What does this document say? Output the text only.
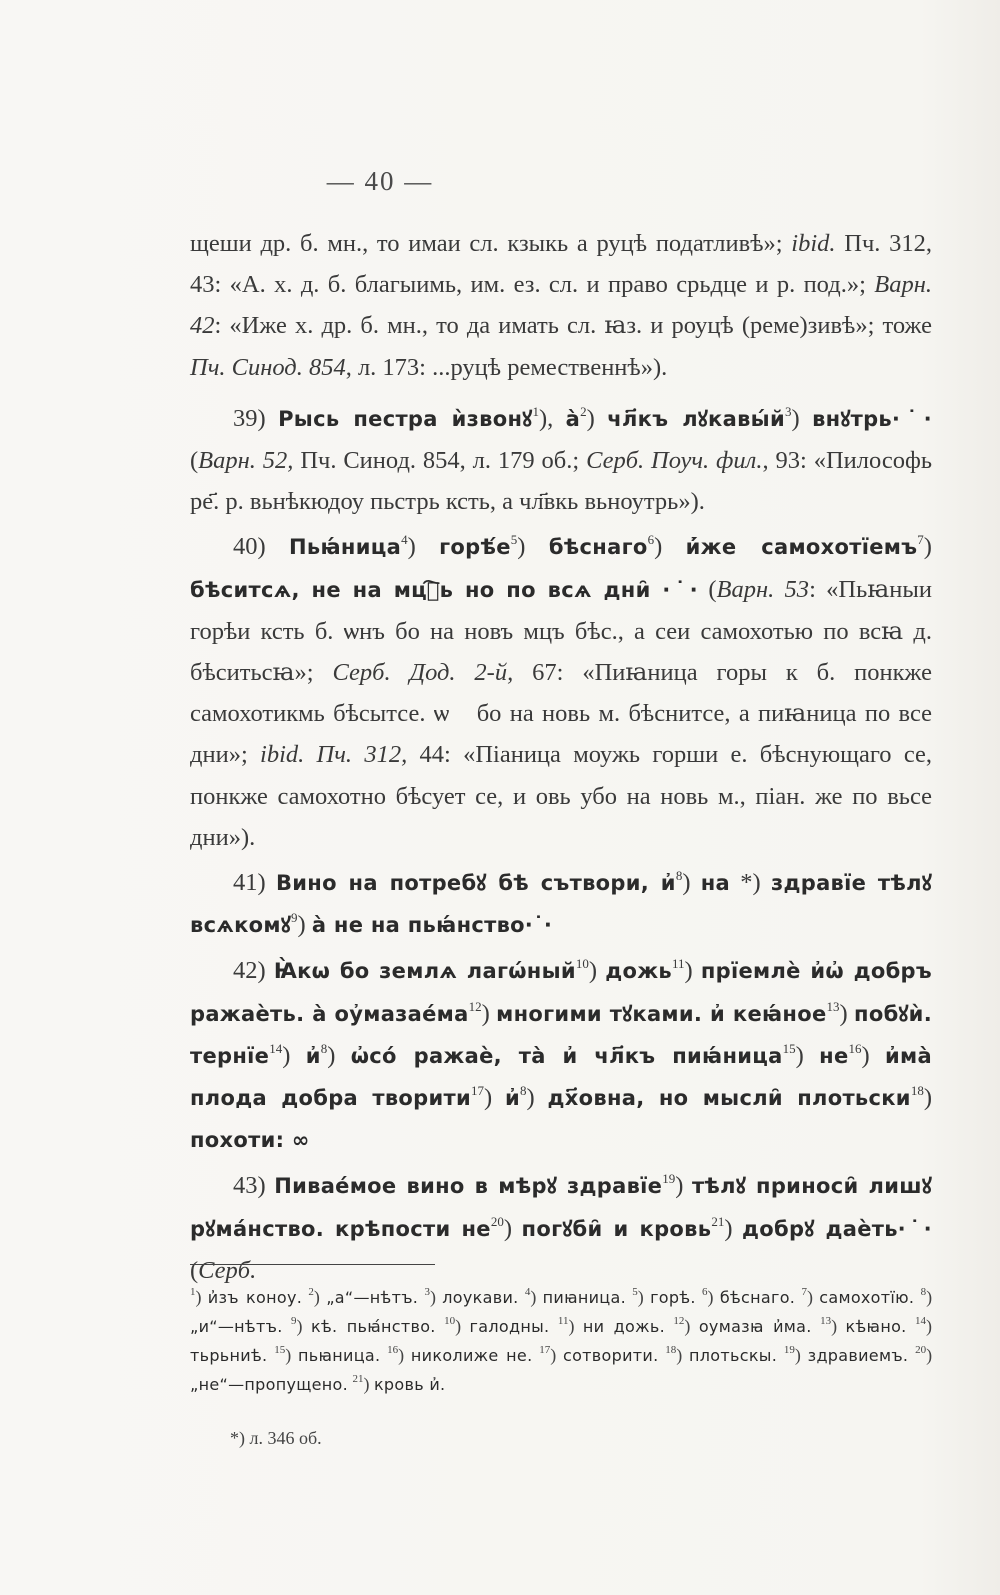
— 40 —

щеши др. б. мн., то имаи сл. кзыкь а руцѣ податливѣ»; ibid. Пч. 312, 43: «А. х. д. б. благыимь, им. ез. сл. и право срьдце и р. под.»; Варн. 42: «Иже х. др. б. мн., то да имать сл. ꙗз. и роуцѣ (реме)зивѣ»; тоже Пч. Синод. 854, л. 173: ...руцѣ ремественнѣ»).

39) Рысь пестра ѝзвонꙋ$^1$), а̀$^2$) чл҃къ $лꙋкавы́й^3$) внꙋтрь∙˙∙ (Варн. 52, Пч. Синод. 854, л. 179 об.; Серб. Поуч. фил., 93: «Пилософь ре҃. р. вьнѣкюдоу пьстрь ксть, а чл҃вкь вьноутрь»).

40) Пьꙗ́ница$^4$) $горѣ́е^5$) бѣснаго$^6$) и҆́же самохотїемъ$^7$) бѣситсѧ, не на мцⷭ҇ь но по всѧ дни̑ ∙˙∙ (Варн. 53: «Пьꙗныи горѣи ксть б. ѡнъ бо на новъ мцъ бѣс., а сеи самохотью по всꙗ д. бѣситьсꙗ»; Серб. Дод. 2-й, 67: «Пиꙗница горы к б. понкже самохотикмь бѣсытсе. ѡⷡ бо на новь м. бѣснитсе, а пиꙗница по все дни»; ibid. Пч. 312, 44: «Піаница моужь горши е. бѣснующаго се, понкже самохотно бѣсует се, и овь убо на новь м., піан. же по вьсе дни»).

41) Вино на потребꙋ бѣ сътвори, и҆$^8$) на *) здравїе тѣлꙋ всѧкомꙋ$^9$) а̀ не на пьꙗ́нство∙˙∙

42) Ꙗ̀кѡ бо землѧ лагѡ́ный$^{10}$) дожь$^{11}$) прїемлѐ и҆ѡ҆ добръ ражаѐть. а̀ $оу҆мазае́ма^{12}$) многими тꙋками. и҆ кеꙗ́ное$^{13}$) побꙋѝ. тернїе$^{14}$) и҆$^8$) ѡ҆со́ ражаѐ, та̀ и҆ чл҃къ пиꙗ́ница$^{15}$) $не^{16}$) и҆ма̀ плода добра творити$^{17}$) и҆$^8$) дх҃овна, но мысли̑ плотьски$^{18}$) похоти: ∞

43) Пивае́мое вино в мѣрꙋ здравїе$^{19}$) тѣлꙋ приноси̑ лишꙋ рꙋма́нство. крѣпости $не^{20}$) погꙋби̑ и кровь$^{21}$) добрꙋ даѐть∙˙∙ (Серб.

$^1$) и҆зъ коноу. $^2$) „а“—нѣтъ. $^3$) лоукави. $^4$) пиꙗница. $^5$) горѣ. $^6$) бѣснаго. $^7$) самохотїю. $^8$) „и“—нѣтъ. $^9$) кѣ. пьꙗ́нство. $^{10}$) галодны. $^{11}$) ни дожь. $^{12}$) оумазꙗ и҆ма. $^{13}$) кѣꙗно. $^{14}$) тьрьниѣ. $^{15}$) пьꙗница. $^{16}$) николиже не. $^{17}$) сотворити. $^{18}$) плотьскы. $^{19}$) здравиемъ. $^{20}$) „не“—пропущено. $^{21}$) кровь и҆.

*) л. 346 об.
